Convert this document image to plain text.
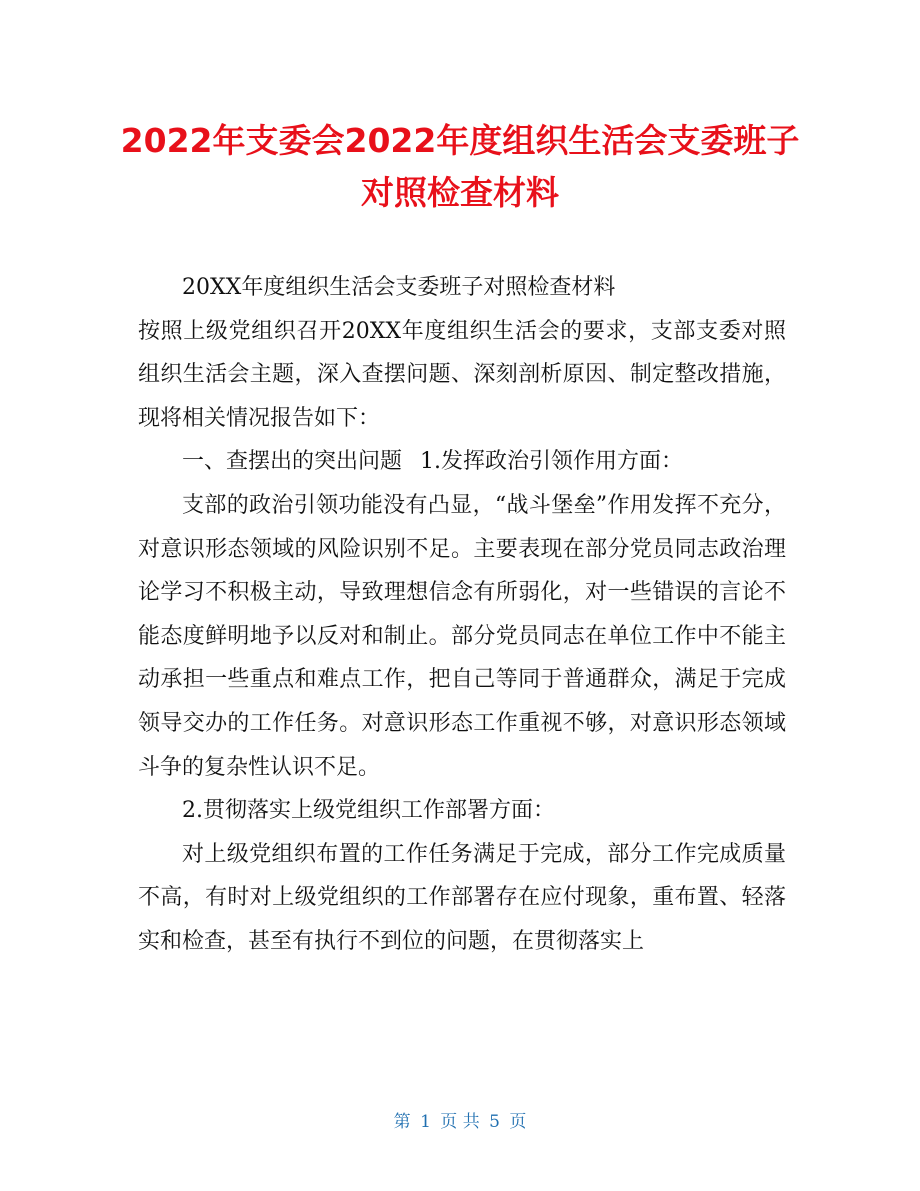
2022年支委会2022年度组织生活会支委班子
对照检查材料

20XX年度组织生活会支委班子对照检查材料

按照上级党组织召开20XX年度组织生活会的要求，支部支委对照组织生活会主题，深入查摆问题、深刻剖析原因、制定整改措施，现将相关情况报告如下：

一、查摆出的突出问题 1.发挥政治引领作用方面：

支部的政治引领功能没有凸显，“战斗堡垒”作用发挥不充分，对意识形态领域的风险识别不足。主要表现在部分党员同志政治理论学习不积极主动，导致理想信念有所弱化，对一些错误的言论不能态度鲜明地予以反对和制止。部分党员同志在单位工作中不能主动承担一些重点和难点工作，把自己等同于普通群众，满足于完成领导交办的工作任务。对意识形态工作重视不够，对意识形态领域斗争的复杂性认识不足。

2.贯彻落实上级党组织工作部署方面：

对上级党组织布置的工作任务满足于完成，部分工作完成质量不高，有时对上级党组织的工作部署存在应付现象，重布置、轻落实和检查，甚至有执行不到位的问题，在贯彻落实上

第 1 页 共 5 页
